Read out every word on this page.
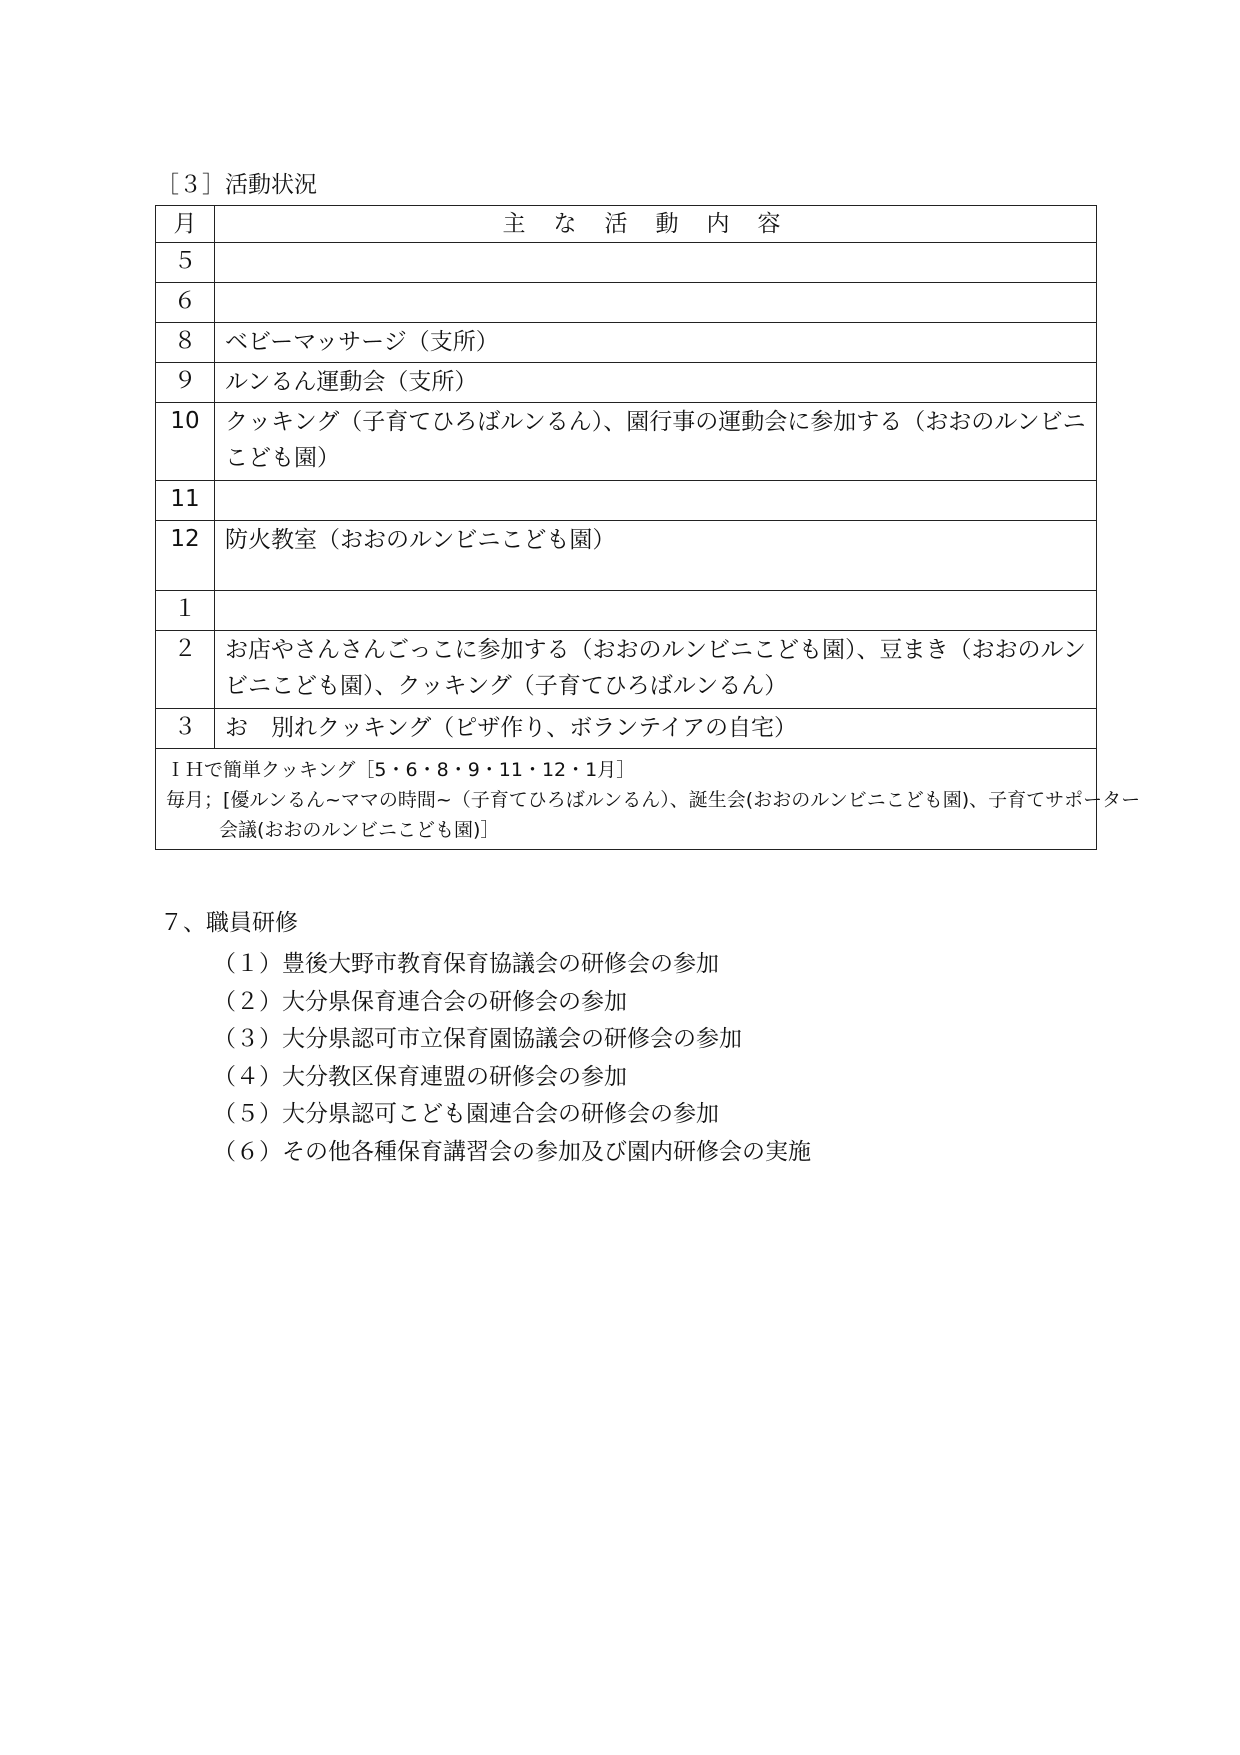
［３］活動状況
月	主な活動内容
５	
６	
８	ベビーマッサージ（支所）
９	ルンるん運動会（支所）
10	クッキング（子育てひろばルンるん）、園行事の運動会に参加する（おおのルンビニこども園）
11	
12	防火教室（おおのルンビニこども園）
１	
２	お店やさんさんごっこに参加する（おおのルンビニこども園）、豆まき（おおのルンビニこども園）、クッキング（子育てひろばルンるん）
３	お　別れクッキング（ピザ作り、ボランテイアの自宅）

ＩＨで簡単クッキング［5・6・8・9・11・12・1月］
毎月；[優ルンるん~ママの時間~（子育てひろばルンるん）、誕生会(おおのルンビニこども園)、子育てサポーター
会議(おおのルンビニこども園)］	
７、職員研修
（１）豊後大野市教育保育協議会の研修会の参加
（２）大分県保育連合会の研修会の参加
（３）大分県認可市立保育園協議会の研修会の参加
（４）大分教区保育連盟の研修会の参加
（５）大分県認可こども園連合会の研修会の参加
（６）その他各種保育講習会の参加及び園内研修会の実施
